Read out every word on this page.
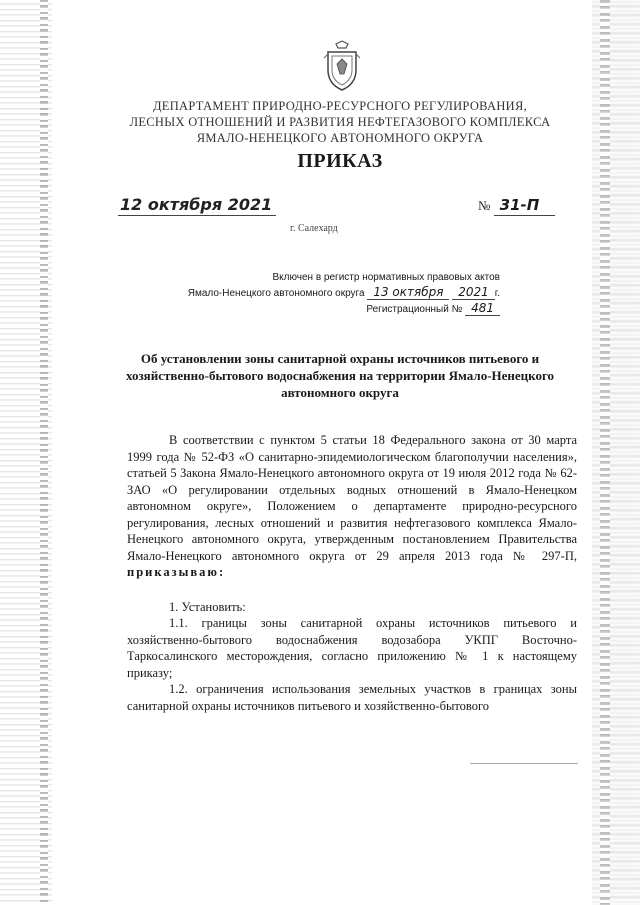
ДЕПАРТАМЕНТ ПРИРОДНО-РЕСУРСНОГО РЕГУЛИРОВАНИЯ,
ЛЕСНЫХ ОТНОШЕНИЙ И РАЗВИТИЯ НЕФТЕГАЗОВОГО КОМПЛЕКСА
ЯМАЛО-НЕНЕЦКОГО АВТОНОМНОГО ОКРУГА
ПРИКАЗ
12 октября 2021	№ 31-П
г. Салехард
Включен в регистр нормативных правовых актов
Ямало-Ненецкого автономного округа 13 октября 2021 г.
Регистрационный № 481
Об установлении зоны санитарной охраны источников питьевого и хозяйственно-бытового водоснабжения на территории Ямало-Ненецкого автономного округа

В соответствии с пунктом 5 статьи 18 Федерального закона от 30 марта 1999 года № 52-ФЗ «О санитарно-эпидемиологическом благополучии населения», статьей 5 Закона Ямало-Ненецкого автономного округа от 19 июля 2012 года № 62-ЗАО «О регулировании отдельных водных отношений в Ямало-Ненецком автономном округе», Положением о департаменте природно-ресурсного регулирования, лесных отношений и развития нефтегазового комплекса Ямало-Ненецкого автономного округа, утвержденным постановлением Правительства Ямало-Ненецкого автономного округа от 29 апреля 2013 года № 297-П, приказываю:

1. Установить:

1.1. границы зоны санитарной охраны источников питьевого и хозяйственно-бытового водоснабжения водозабора УКПГ Восточно-Таркосалинского месторождения, согласно приложению № 1 к настоящему приказу;

1.2. ограничения использования земельных участков в границах зоны санитарной охраны источников питьевого и хозяйственно-бытового
